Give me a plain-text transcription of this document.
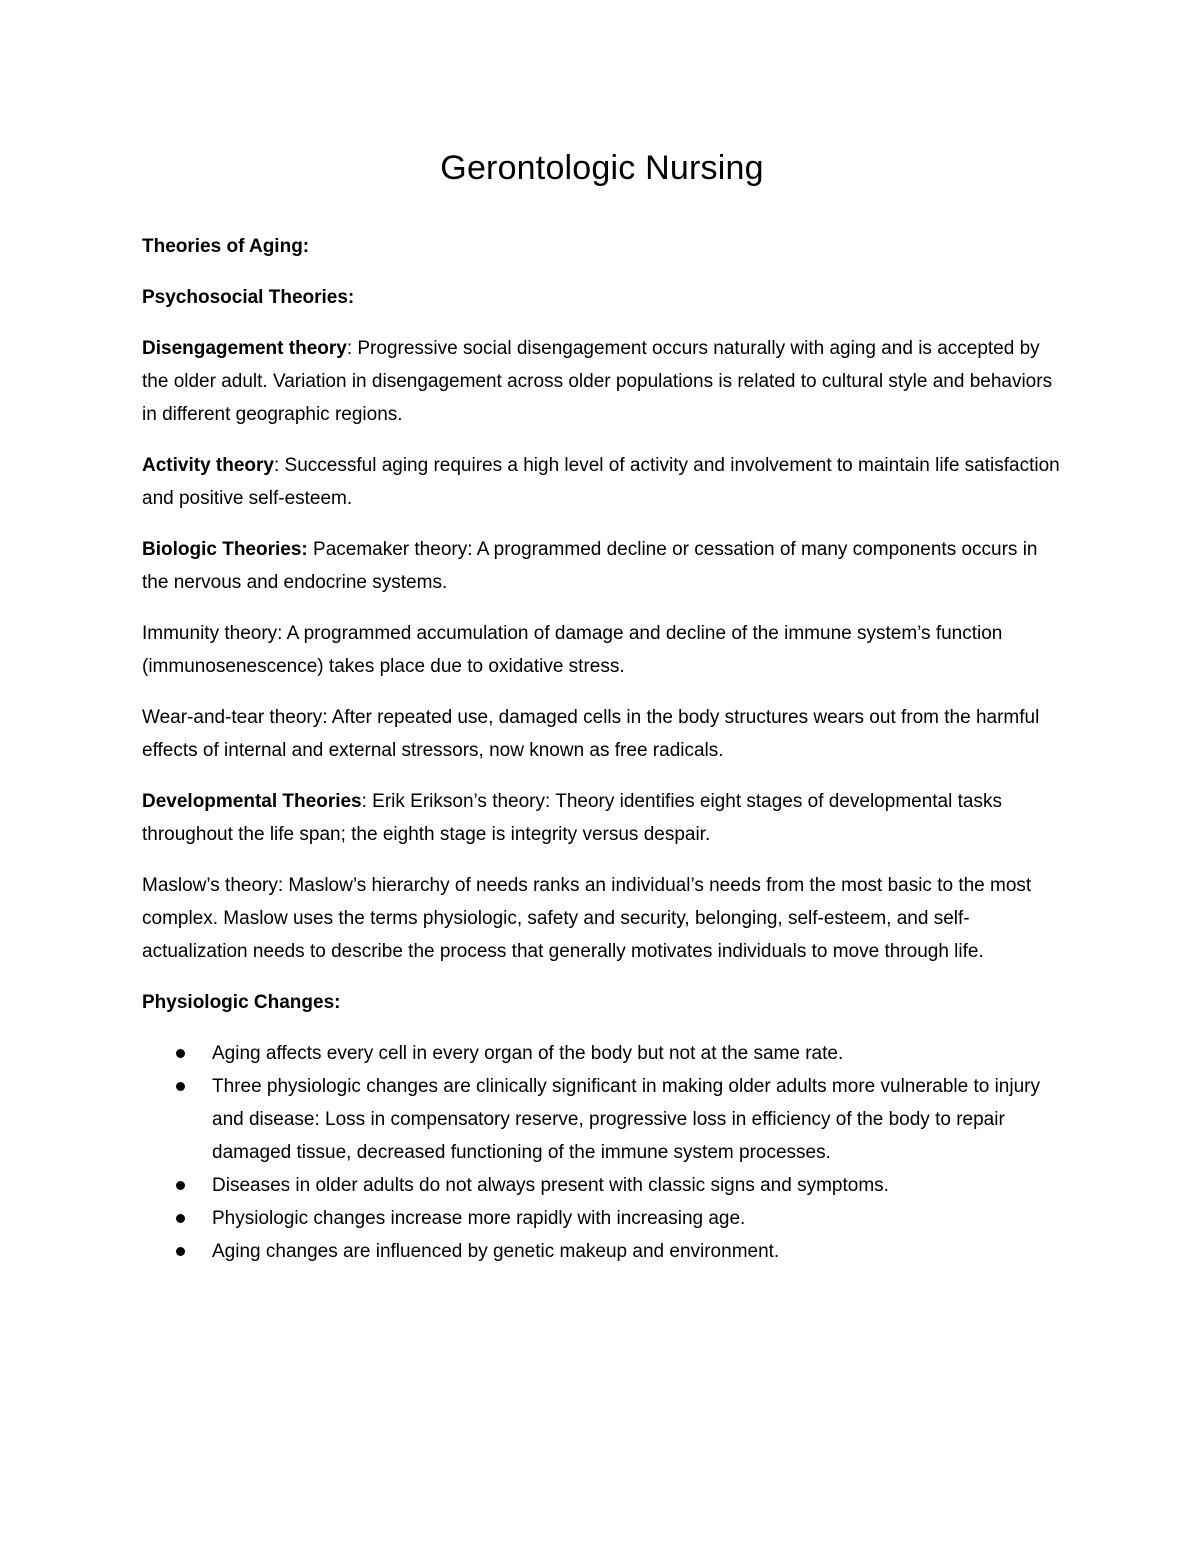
Gerontologic Nursing
Theories of Aging:
Psychosocial Theories:

Disengagement theory: Progressive social disengagement occurs naturally with aging and is accepted by the older adult. Variation in disengagement across older populations is related to cultural style and behaviors in different geographic regions.

Activity theory: Successful aging requires a high level of activity and involvement to maintain life satisfaction and positive self-esteem.

Biologic Theories: Pacemaker theory: A programmed decline or cessation of many components occurs in the nervous and endocrine systems.

Immunity theory: A programmed accumulation of damage and decline of the immune system’s function (immunosenescence) takes place due to oxidative stress.

Wear-and-tear theory: After repeated use, damaged cells in the body structures wears out from the harmful effects of internal and external stressors, now known as free radicals.

Developmental Theories: Erik Erikson’s theory: Theory identifies eight stages of developmental tasks throughout the life span; the eighth stage is integrity versus despair.

Maslow’s theory: Maslow’s hierarchy of needs ranks an individual’s needs from the most basic to the most complex. Maslow uses the terms physiologic, safety and security, belonging, self-esteem, and self-actualization needs to describe the process that generally motivates individuals to move through life.

Physiologic Changes:
Aging affects every cell in every organ of the body but not at the same rate.
Three physiologic changes are clinically significant in making older adults more vulnerable to injury and disease: Loss in compensatory reserve, progressive loss in efficiency of the body to repair damaged tissue, decreased functioning of the immune system processes.
Diseases in older adults do not always present with classic signs and symptoms.
Physiologic changes increase more rapidly with increasing age.
Aging changes are influenced by genetic makeup and environment.
